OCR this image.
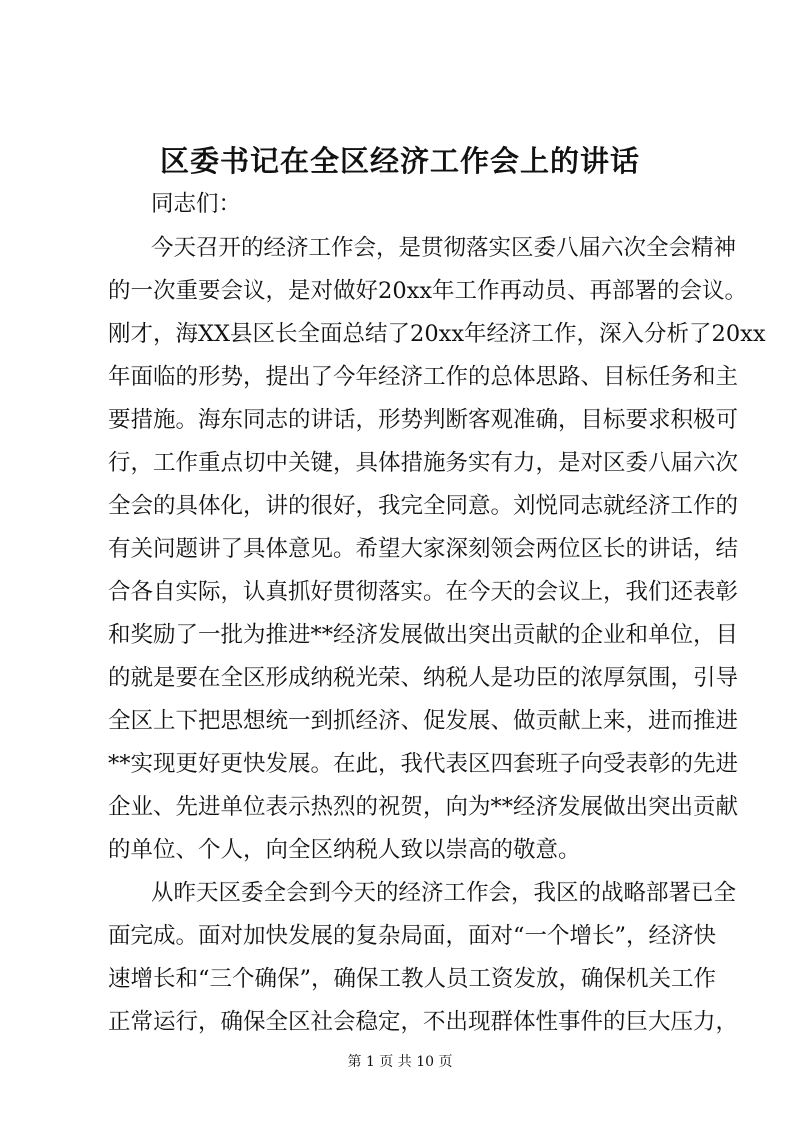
区委书记在全区经济工作会上的讲话

同志们：

今天召开的经济工作会，是贯彻落实区委八届六次全会精神

的一次重要会议，是对做好20xx年工作再动员、再部署的会议。

刚才，海XX县区长全面总结了20xx年经济工作，深入分析了20xx

年面临的形势，提出了今年经济工作的总体思路、目标任务和主

要措施。海东同志的讲话，形势判断客观准确，目标要求积极可

行，工作重点切中关键，具体措施务实有力，是对区委八届六次

全会的具体化，讲的很好，我完全同意。刘悦同志就经济工作的

有关问题讲了具体意见。希望大家深刻领会两位区长的讲话，结

合各自实际，认真抓好贯彻落实。在今天的会议上，我们还表彰

和奖励了一批为推进**经济发展做出突出贡献的企业和单位，目

的就是要在全区形成纳税光荣、纳税人是功臣的浓厚氛围，引导

全区上下把思想统一到抓经济、促发展、做贡献上来，进而推进

**实现更好更快发展。在此，我代表区四套班子向受表彰的先进

企业、先进单位表示热烈的祝贺，向为**经济发展做出突出贡献

的单位、个人，向全区纳税人致以崇高的敬意。

从昨天区委全会到今天的经济工作会，我区的战略部署已全

面完成。面对加快发展的复杂局面，面对“一个增长”，经济快

速增长和“三个确保”，确保工教人员工资发放，确保机关工作

正常运行，确保全区社会稳定，不出现群体性事件的巨大压力，

第 1 页 共 10 页
